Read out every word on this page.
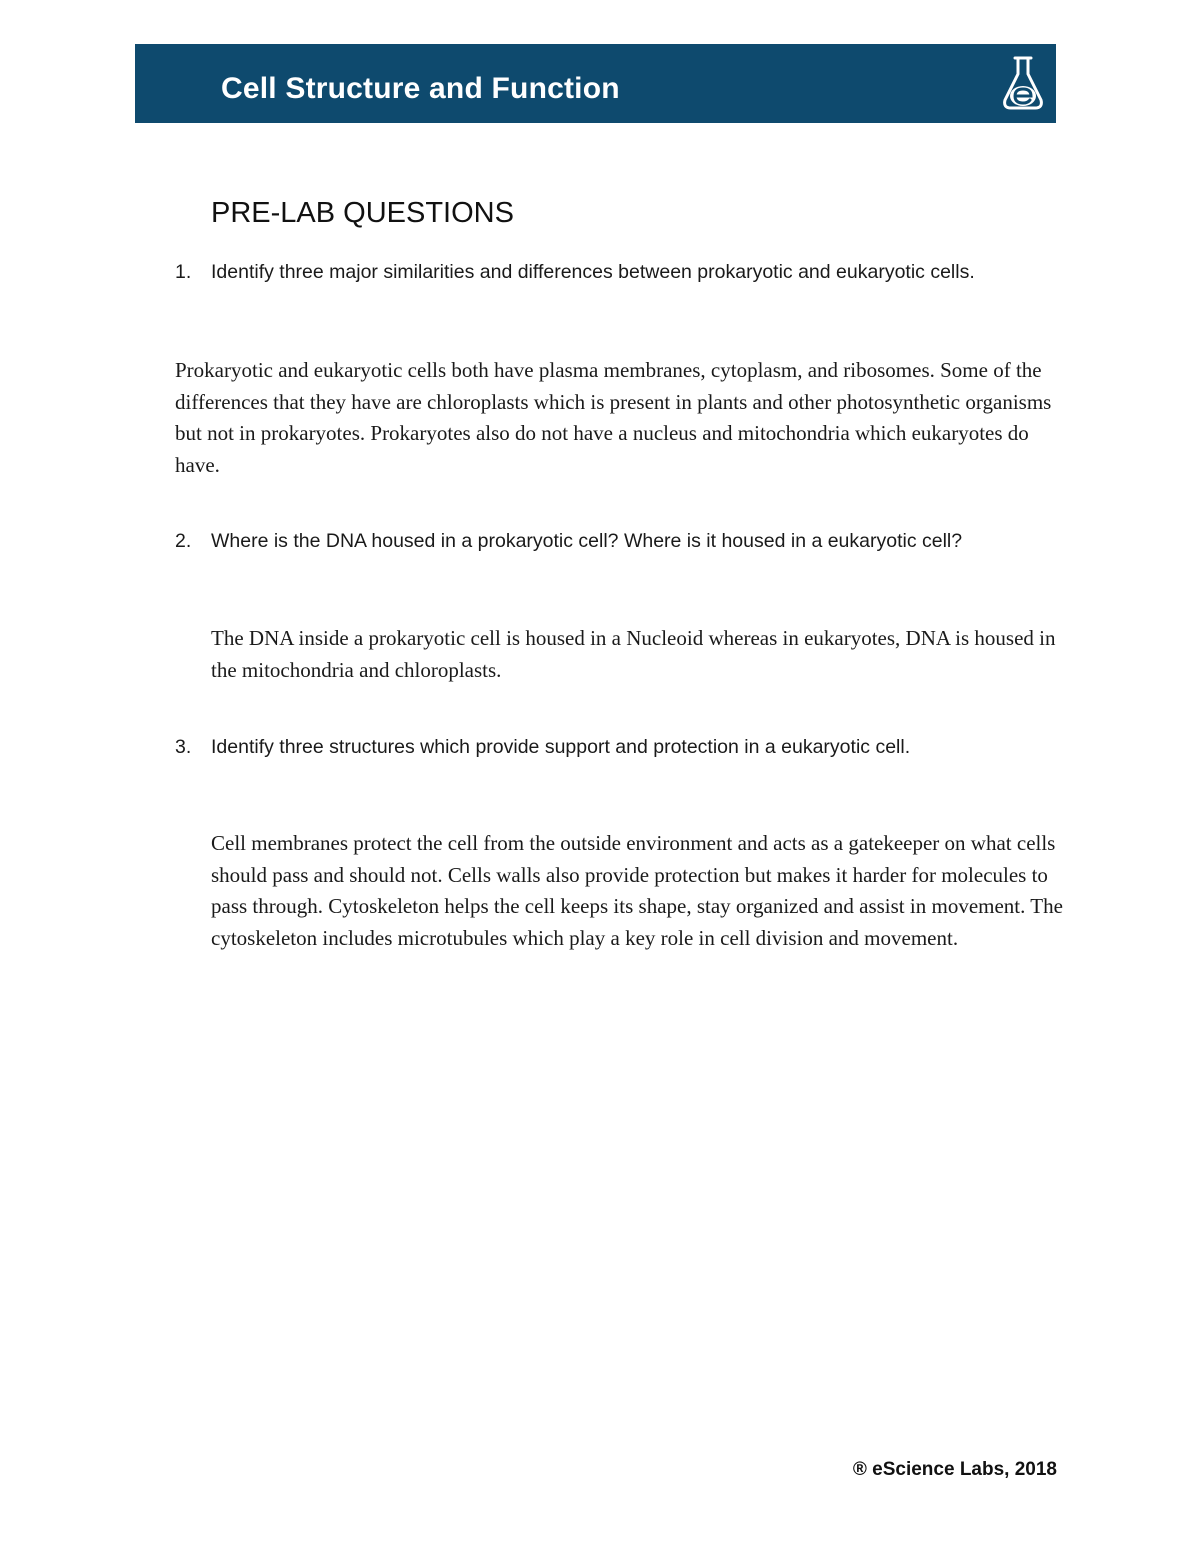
Cell Structure and Function
PRE-LAB QUESTIONS
1. Identify three major similarities and differences between prokaryotic and eukaryotic cells.

Prokaryotic and eukaryotic cells both have plasma membranes, cytoplasm, and ribosomes. Some of the differences that they have are chloroplasts which is present in plants and other photosynthetic organisms but not in prokaryotes. Prokaryotes also do not have a nucleus and mitochondria which eukaryotes do have.

2. Where is the DNA housed in a prokaryotic cell? Where is it housed in a eukaryotic cell?

The DNA inside a prokaryotic cell is housed in a Nucleoid whereas in eukaryotes, DNA is housed in the mitochondria and chloroplasts.

3. Identify three structures which provide support and protection in a eukaryotic cell.

Cell membranes protect the cell from the outside environment and acts as a gatekeeper on what cells should pass and should not. Cells walls also provide protection but makes it harder for molecules to pass through. Cytoskeleton helps the cell keeps its shape, stay organized and assist in movement. The cytoskeleton includes microtubules which play a key role in cell division and movement.

® eScience Labs, 2018
